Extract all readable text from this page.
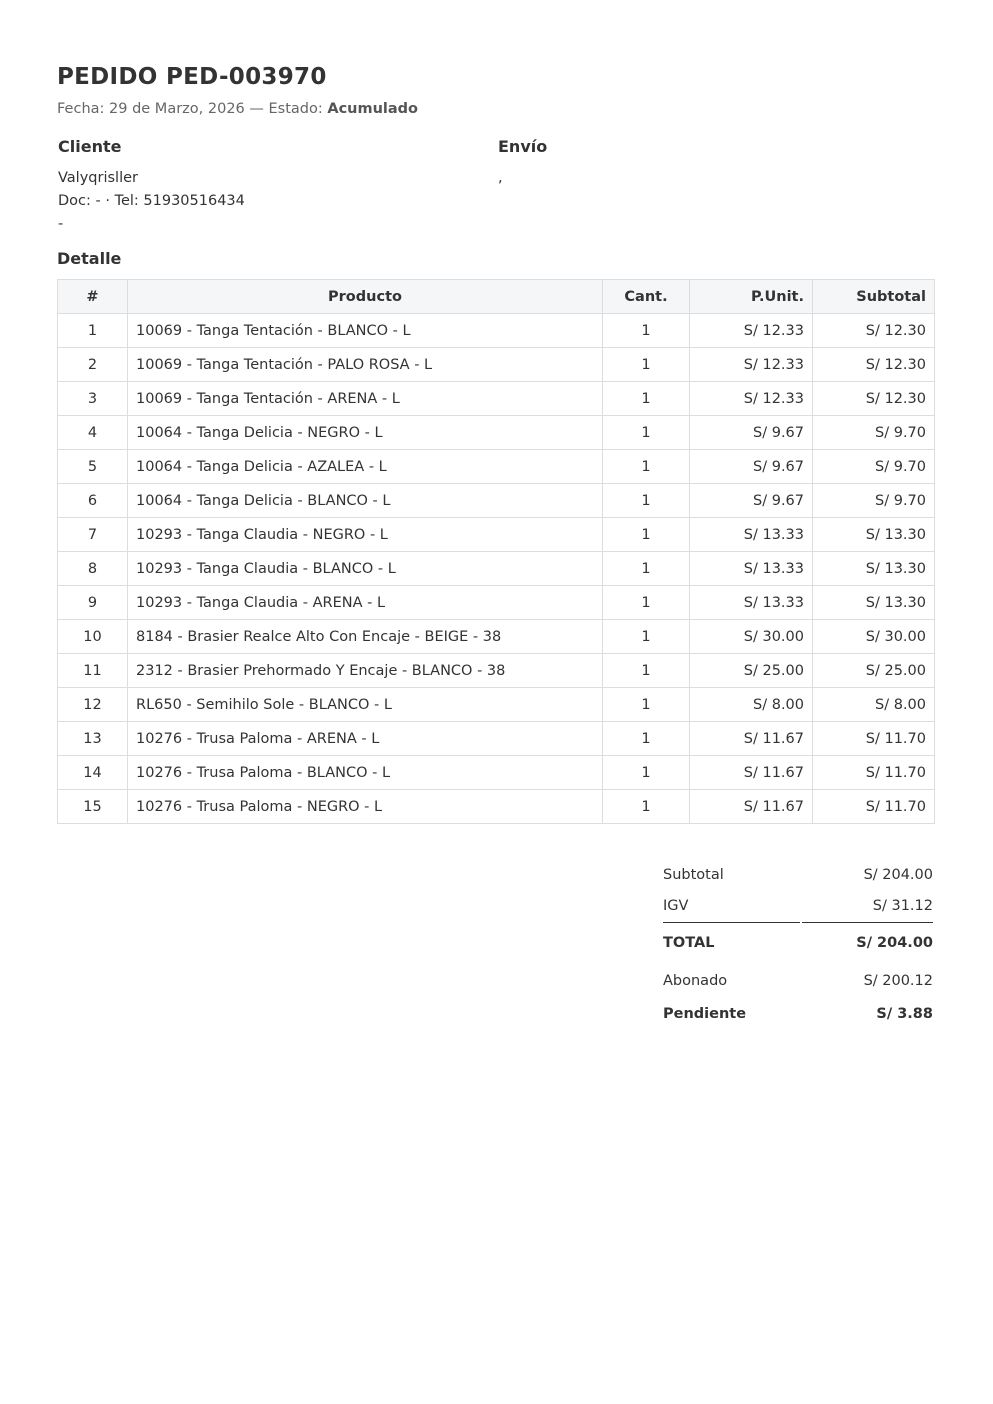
PEDIDO PED-003970
Fecha: 29 de Marzo, 2026 — Estado: Acumulado
Cliente
Valyqrisller
Doc: - · Tel: 51930516434
-
Envío
,
Detalle
#	Producto	Cant.	P.Unit.	Subtotal
1	10069 - Tanga Tentación - BLANCO - L	1	S/ 12.33	S/ 12.30
2	10069 - Tanga Tentación - PALO ROSA - L	1	S/ 12.33	S/ 12.30
3	10069 - Tanga Tentación - ARENA - L	1	S/ 12.33	S/ 12.30
4	10064 - Tanga Delicia - NEGRO - L	1	S/ 9.67	S/ 9.70
5	10064 - Tanga Delicia - AZALEA - L	1	S/ 9.67	S/ 9.70
6	10064 - Tanga Delicia - BLANCO - L	1	S/ 9.67	S/ 9.70
7	10293 - Tanga Claudia - NEGRO - L	1	S/ 13.33	S/ 13.30
8	10293 - Tanga Claudia - BLANCO - L	1	S/ 13.33	S/ 13.30
9	10293 - Tanga Claudia - ARENA - L	1	S/ 13.33	S/ 13.30
10	8184 - Brasier Realce Alto Con Encaje - BEIGE - 38	1	S/ 30.00	S/ 30.00
11	2312 - Brasier Prehormado Y Encaje - BLANCO - 38	1	S/ 25.00	S/ 25.00
12	RL650 - Semihilo Sole - BLANCO - L	1	S/ 8.00	S/ 8.00
13	10276 - Trusa Paloma - ARENA - L	1	S/ 11.67	S/ 11.70
14	10276 - Trusa Paloma - BLANCO - L	1	S/ 11.67	S/ 11.70
15	10276 - Trusa Paloma - NEGRO - L	1	S/ 11.67	S/ 11.70
Subtotal	S/ 204.00
IGV	S/ 31.12
TOTAL	S/ 204.00
Abonado	S/ 200.12
Pendiente	S/ 3.88
